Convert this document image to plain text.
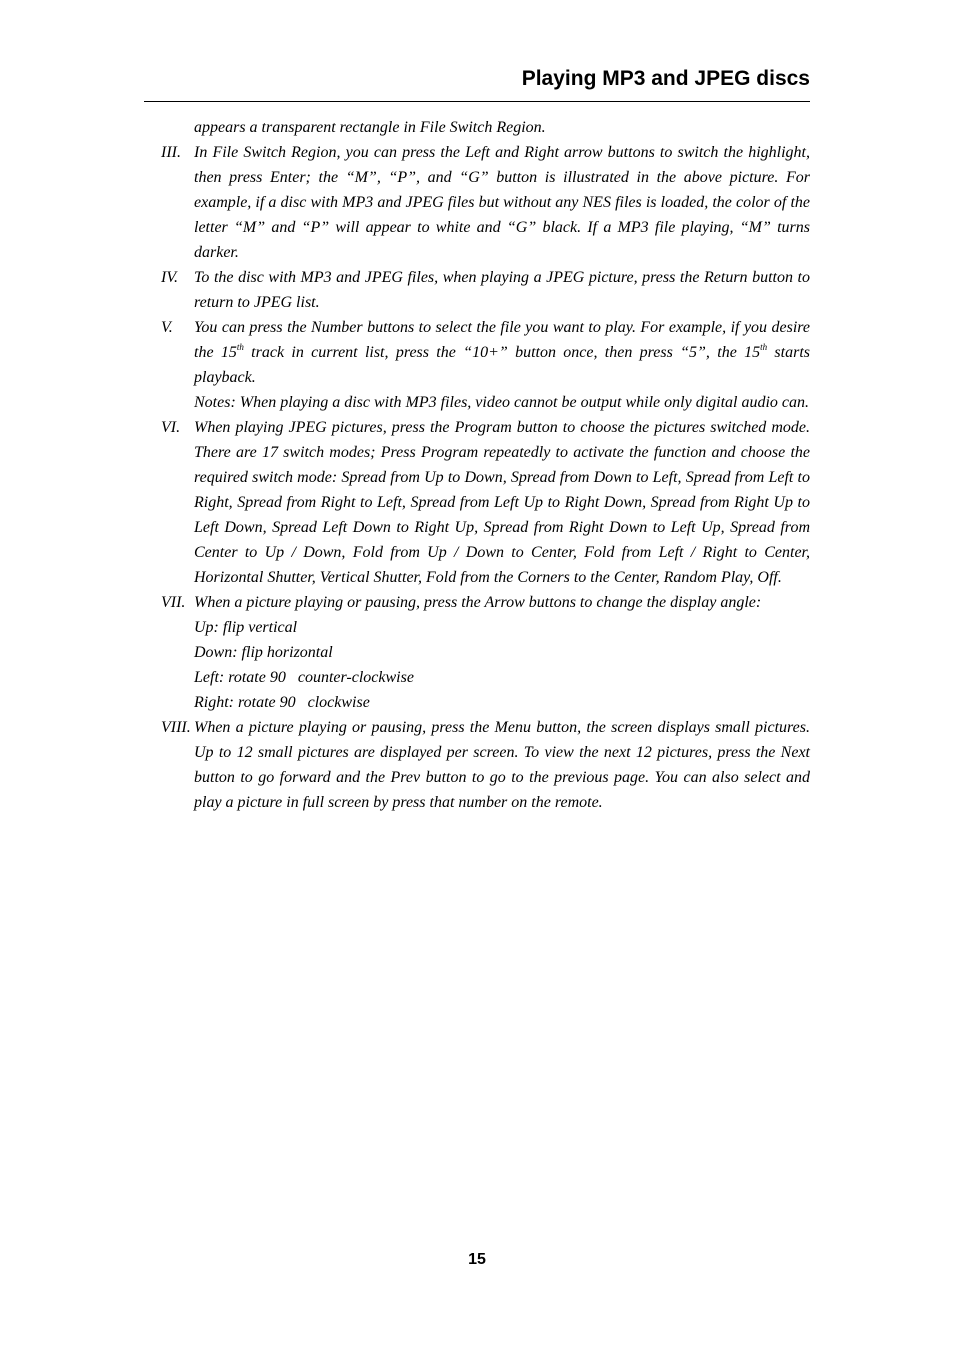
Playing MP3 and JPEG discs
appears a transparent rectangle in File Switch Region.
III. In File Switch Region, you can press the Left and Right arrow buttons to switch the highlight, then press Enter; the “M”, “P”, and “G” button is illustrated in the above picture. For example, if a disc with MP3 and JPEG files but without any NES files is loaded, the color of the letter “M” and “P” will appear to white and “G” black. If a MP3 file playing, “M” turns darker.
IV. To the disc with MP3 and JPEG files, when playing a JPEG picture, press the Return button to return to JPEG list.
V. You can press the Number buttons to select the file you want to play. For example, if you desire the 15th track in current list, press the “10+” button once, then press “5”, the 15th starts playback.
Notes: When playing a disc with MP3 files, video cannot be output while only digital audio can.
VI. When playing JPEG pictures, press the Program button to choose the pictures switched mode. There are 17 switch modes; Press Program repeatedly to activate the function and choose the required switch mode: Spread from Up to Down, Spread from Down to Left, Spread from Left to Right, Spread from Right to Left, Spread from Left Up to Right Down, Spread from Right Up to Left Down, Spread Left Down to Right Up, Spread from Right Down to Left Up, Spread from Center to Up / Down, Fold from Up / Down to Center, Fold from Left / Right to Center, Horizontal Shutter, Vertical Shutter, Fold from the Corners to the Center, Random Play, Off.
VII. When a picture playing or pausing, press the Arrow buttons to change the display angle:
Up: flip vertical
Down: flip horizontal
Left: rotate 90   counter-clockwise
Right: rotate 90   clockwise
VIII. When a picture playing or pausing, press the Menu button, the screen displays small pictures. Up to 12 small pictures are displayed per screen. To view the next 12 pictures, press the Next button to go forward and the Prev button to go to the previous page. You can also select and play a picture in full screen by press that number on the remote.
15
